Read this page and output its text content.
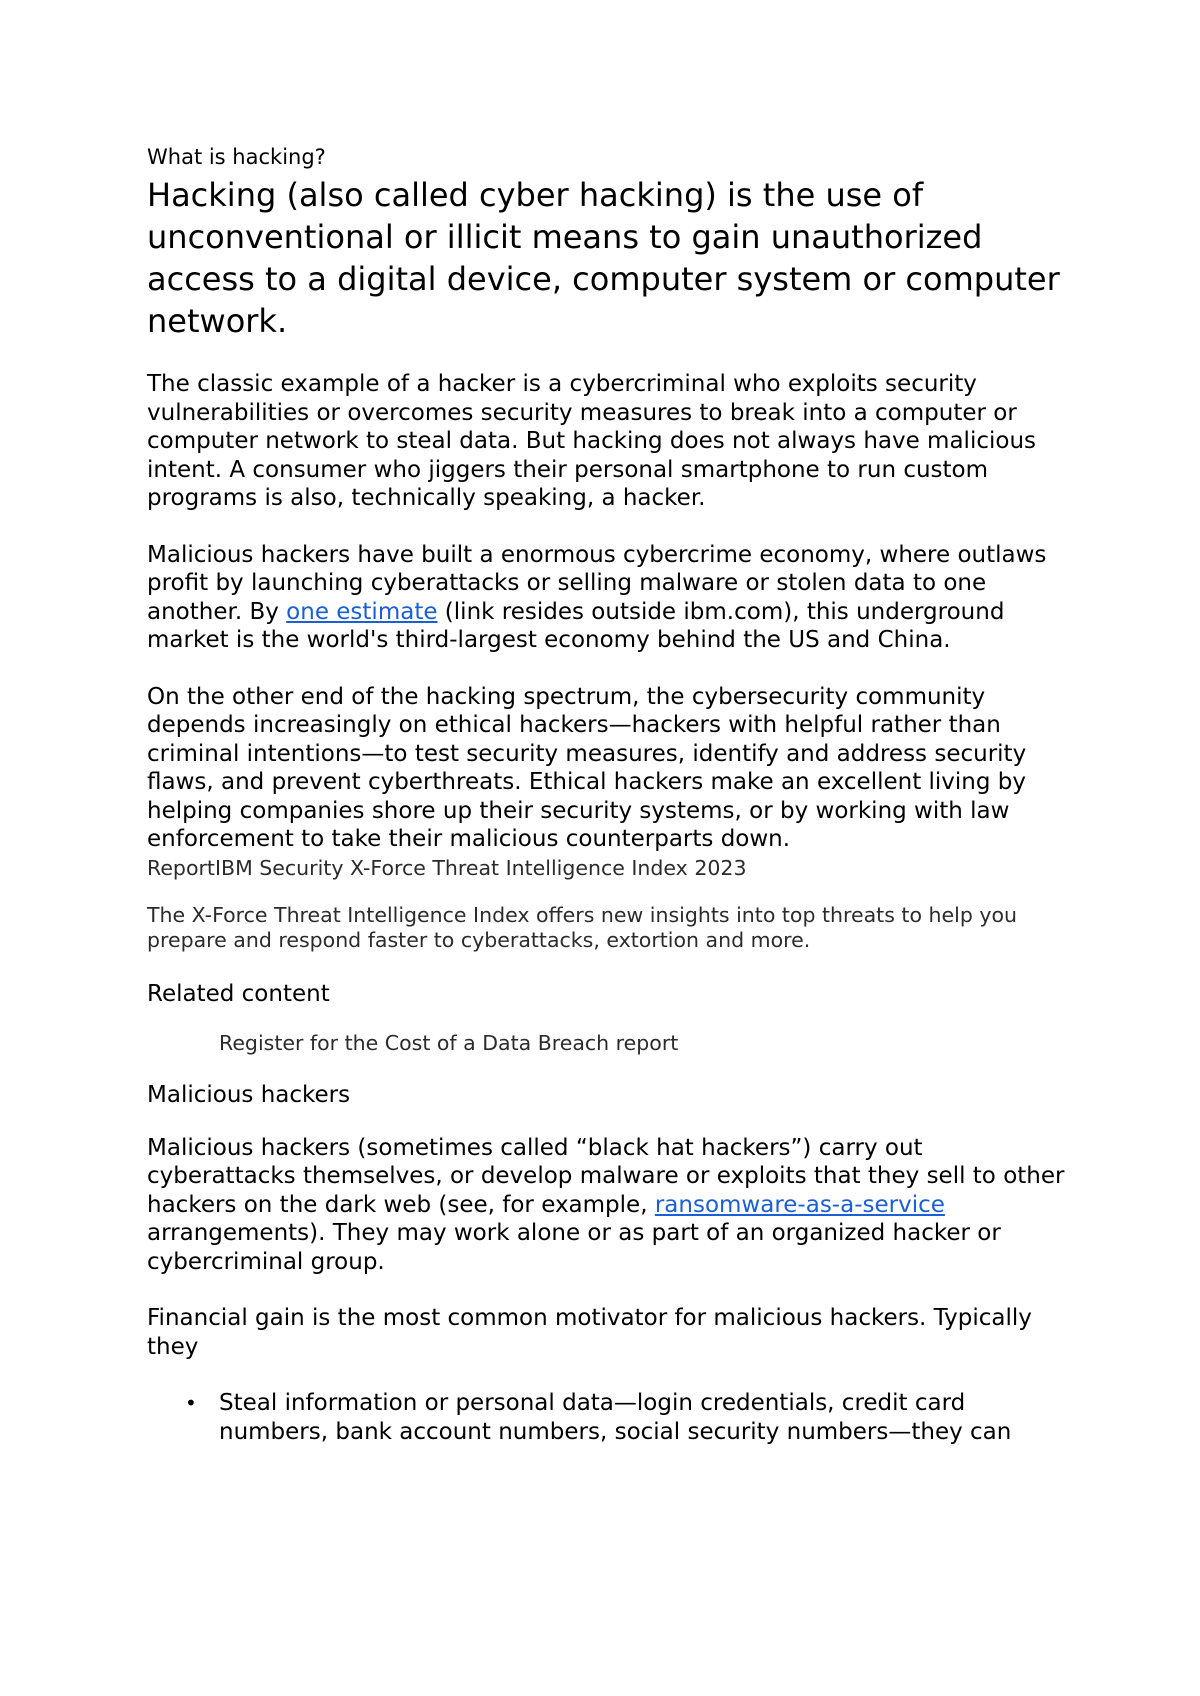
What is hacking?

Hacking (also called cyber hacking) is the use of unconventional or illicit means to gain unauthorized access to a digital device, computer system or computer network.

The classic example of a hacker is a cybercriminal who exploits security vulnerabilities or overcomes security measures to break into a computer or computer network to steal data. But hacking does not always have malicious intent. A consumer who jiggers their personal smartphone to run custom programs is also, technically speaking, a hacker.

Malicious hackers have built a enormous cybercrime economy, where outlaws profit by launching cyberattacks or selling malware or stolen data to one another. By one estimate (link resides outside ibm.com), this underground market is the world's third-largest economy behind the US and China.

On the other end of the hacking spectrum, the cybersecurity community depends increasingly on ethical hackers—hackers with helpful rather than criminal intentions—to test security measures, identify and address security flaws, and prevent cyberthreats. Ethical hackers make an excellent living by helping companies shore up their security systems, or by working with law enforcement to take their malicious counterparts down.

ReportIBM Security X-Force Threat Intelligence Index 2023

The X-Force Threat Intelligence Index offers new insights into top threats to help you prepare and respond faster to cyberattacks, extortion and more.

Related content

Register for the Cost of a Data Breach report

Malicious hackers

Malicious hackers (sometimes called “black hat hackers”) carry out cyberattacks themselves, or develop malware or exploits that they sell to other hackers on the dark web (see, for example, ransomware-as-a-service arrangements). They may work alone or as part of an organized hacker or cybercriminal group.

Financial gain is the most common motivator for malicious hackers. Typically they

• Steal information or personal data—login credentials, credit card numbers, bank account numbers, social security numbers—they can
